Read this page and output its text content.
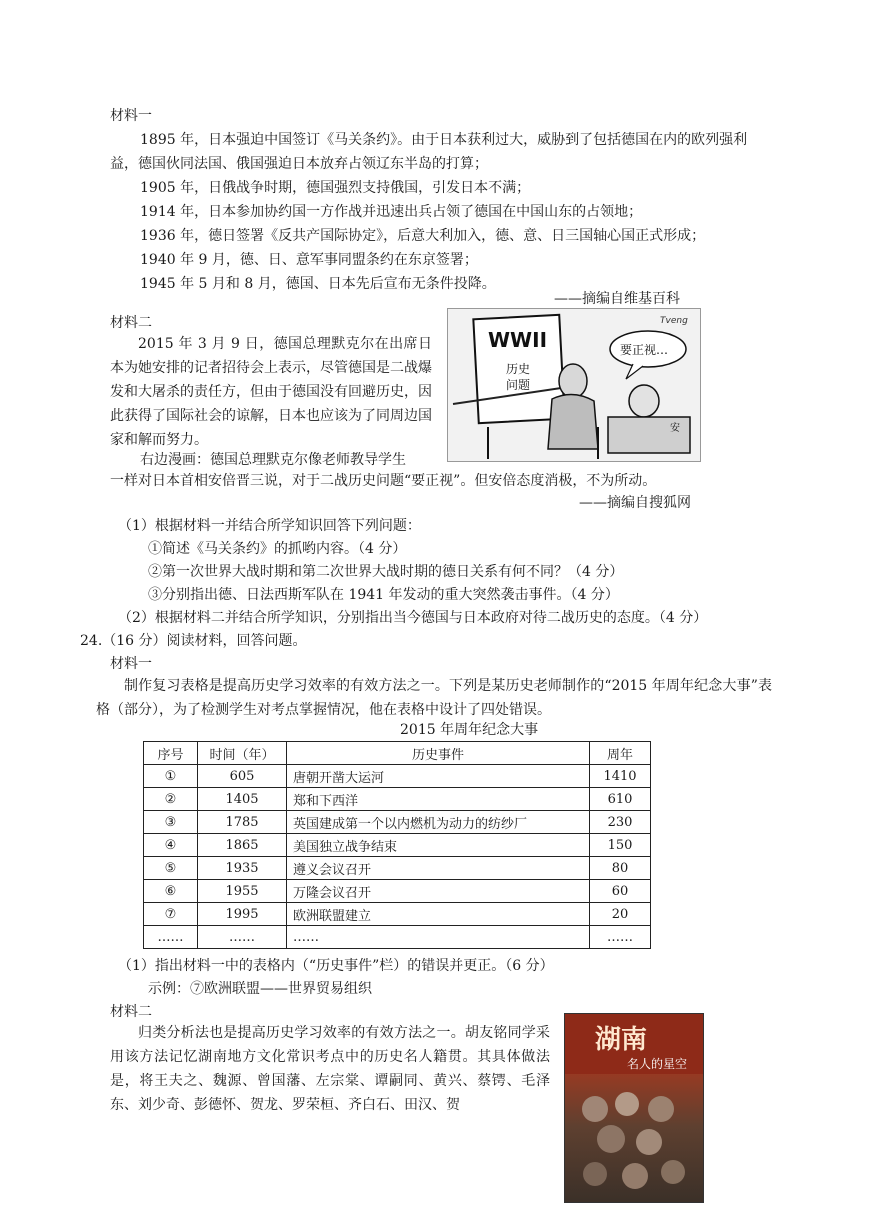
材料一
1895 年，日本强迫中国签订《马关条约》。由于日本获利过大，威胁到了包括德国在内的欧列强利
益，德国伙同法国、俄国强迫日本放弃占领辽东半岛的打算；
1905 年，日俄战争时期，德国强烈支持俄国，引发日本不满；
1914 年，日本参加协约国一方作战并迅速出兵占领了德国在中国山东的占领地；
1936 年，德日签署《反共产国际协定》，后意大利加入，德、意、日三国轴心国正式形成；
1940 年 9 月，德、日、意军事同盟条约在东京签署；
1945 年 5 月和 8 月，德国、日本先后宣布无条件投降。
——摘编自维基百科
材料二
2015 年 3 月 9 日，德国总理默克尔在出席日本为她安排的记者招待会上表示，尽管德国是二战爆发和大屠杀的责任方，但由于德国没有回避历史，因此获得了国际社会的谅解，日本也应该为了同周边国家和解而努力。
右边漫画：德国总理默克尔像老师教导学生
一样对日本首相安倍晋三说，对于二战历史问题“要正视”。但安倍态度消极，不为所动。
——摘编自搜狐网
WWII
历史
问题
要正视…
安
Tveng
（1）根据材料一并结合所学知识回答下列问题：
①简述《马关条约》的抓哟内容。（4 分）
②第一次世界大战时期和第二次世界大战时期的德日关系有何不同？（4 分）
③分别指出德、日法西斯军队在 1941 年发动的重大突然袭击事件。（4 分）
（2）根据材料二并结合所学知识，分别指出当今德国与日本政府对待二战历史的态度。（4 分）
24.（16 分）阅读材料，回答问题。
材料一
制作复习表格是提高历史学习效率的有效方法之一。下列是某历史老师制作的“2015 年周年纪念大事”表格（部分），为了检测学生对考点掌握情况，他在表格中设计了四处错误。
2015 年周年纪念大事
序号	时间（年）	历史事件	周年
①	605	唐朝开凿大运河	1410
②	1405	郑和下西洋	610
③	1785	英国建成第一个以内燃机为动力的纺纱厂	230
④	1865	美国独立战争结束	150
⑤	1935	遵义会议召开	80
⑥	1955	万隆会议召开	60
⑦	1995	欧洲联盟建立	20
……	……	……	……
（1）指出材料一中的表格内（“历史事件”栏）的错误并更正。（6 分）
示例：⑦欧洲联盟——世界贸易组织
材料二
归类分析法也是提高历史学习效率的有效方法之一。胡友铭同学采用该方法记忆湖南地方文化常识考点中的历史名人籍贯。其具体做法是，将王夫之、魏源、曾国藩、左宗棠、谭嗣同、黄兴、蔡锷、毛泽东、刘少奇、彭德怀、贺龙、罗荣桓、齐白石、田汉、贺
湖南
名人的星空
